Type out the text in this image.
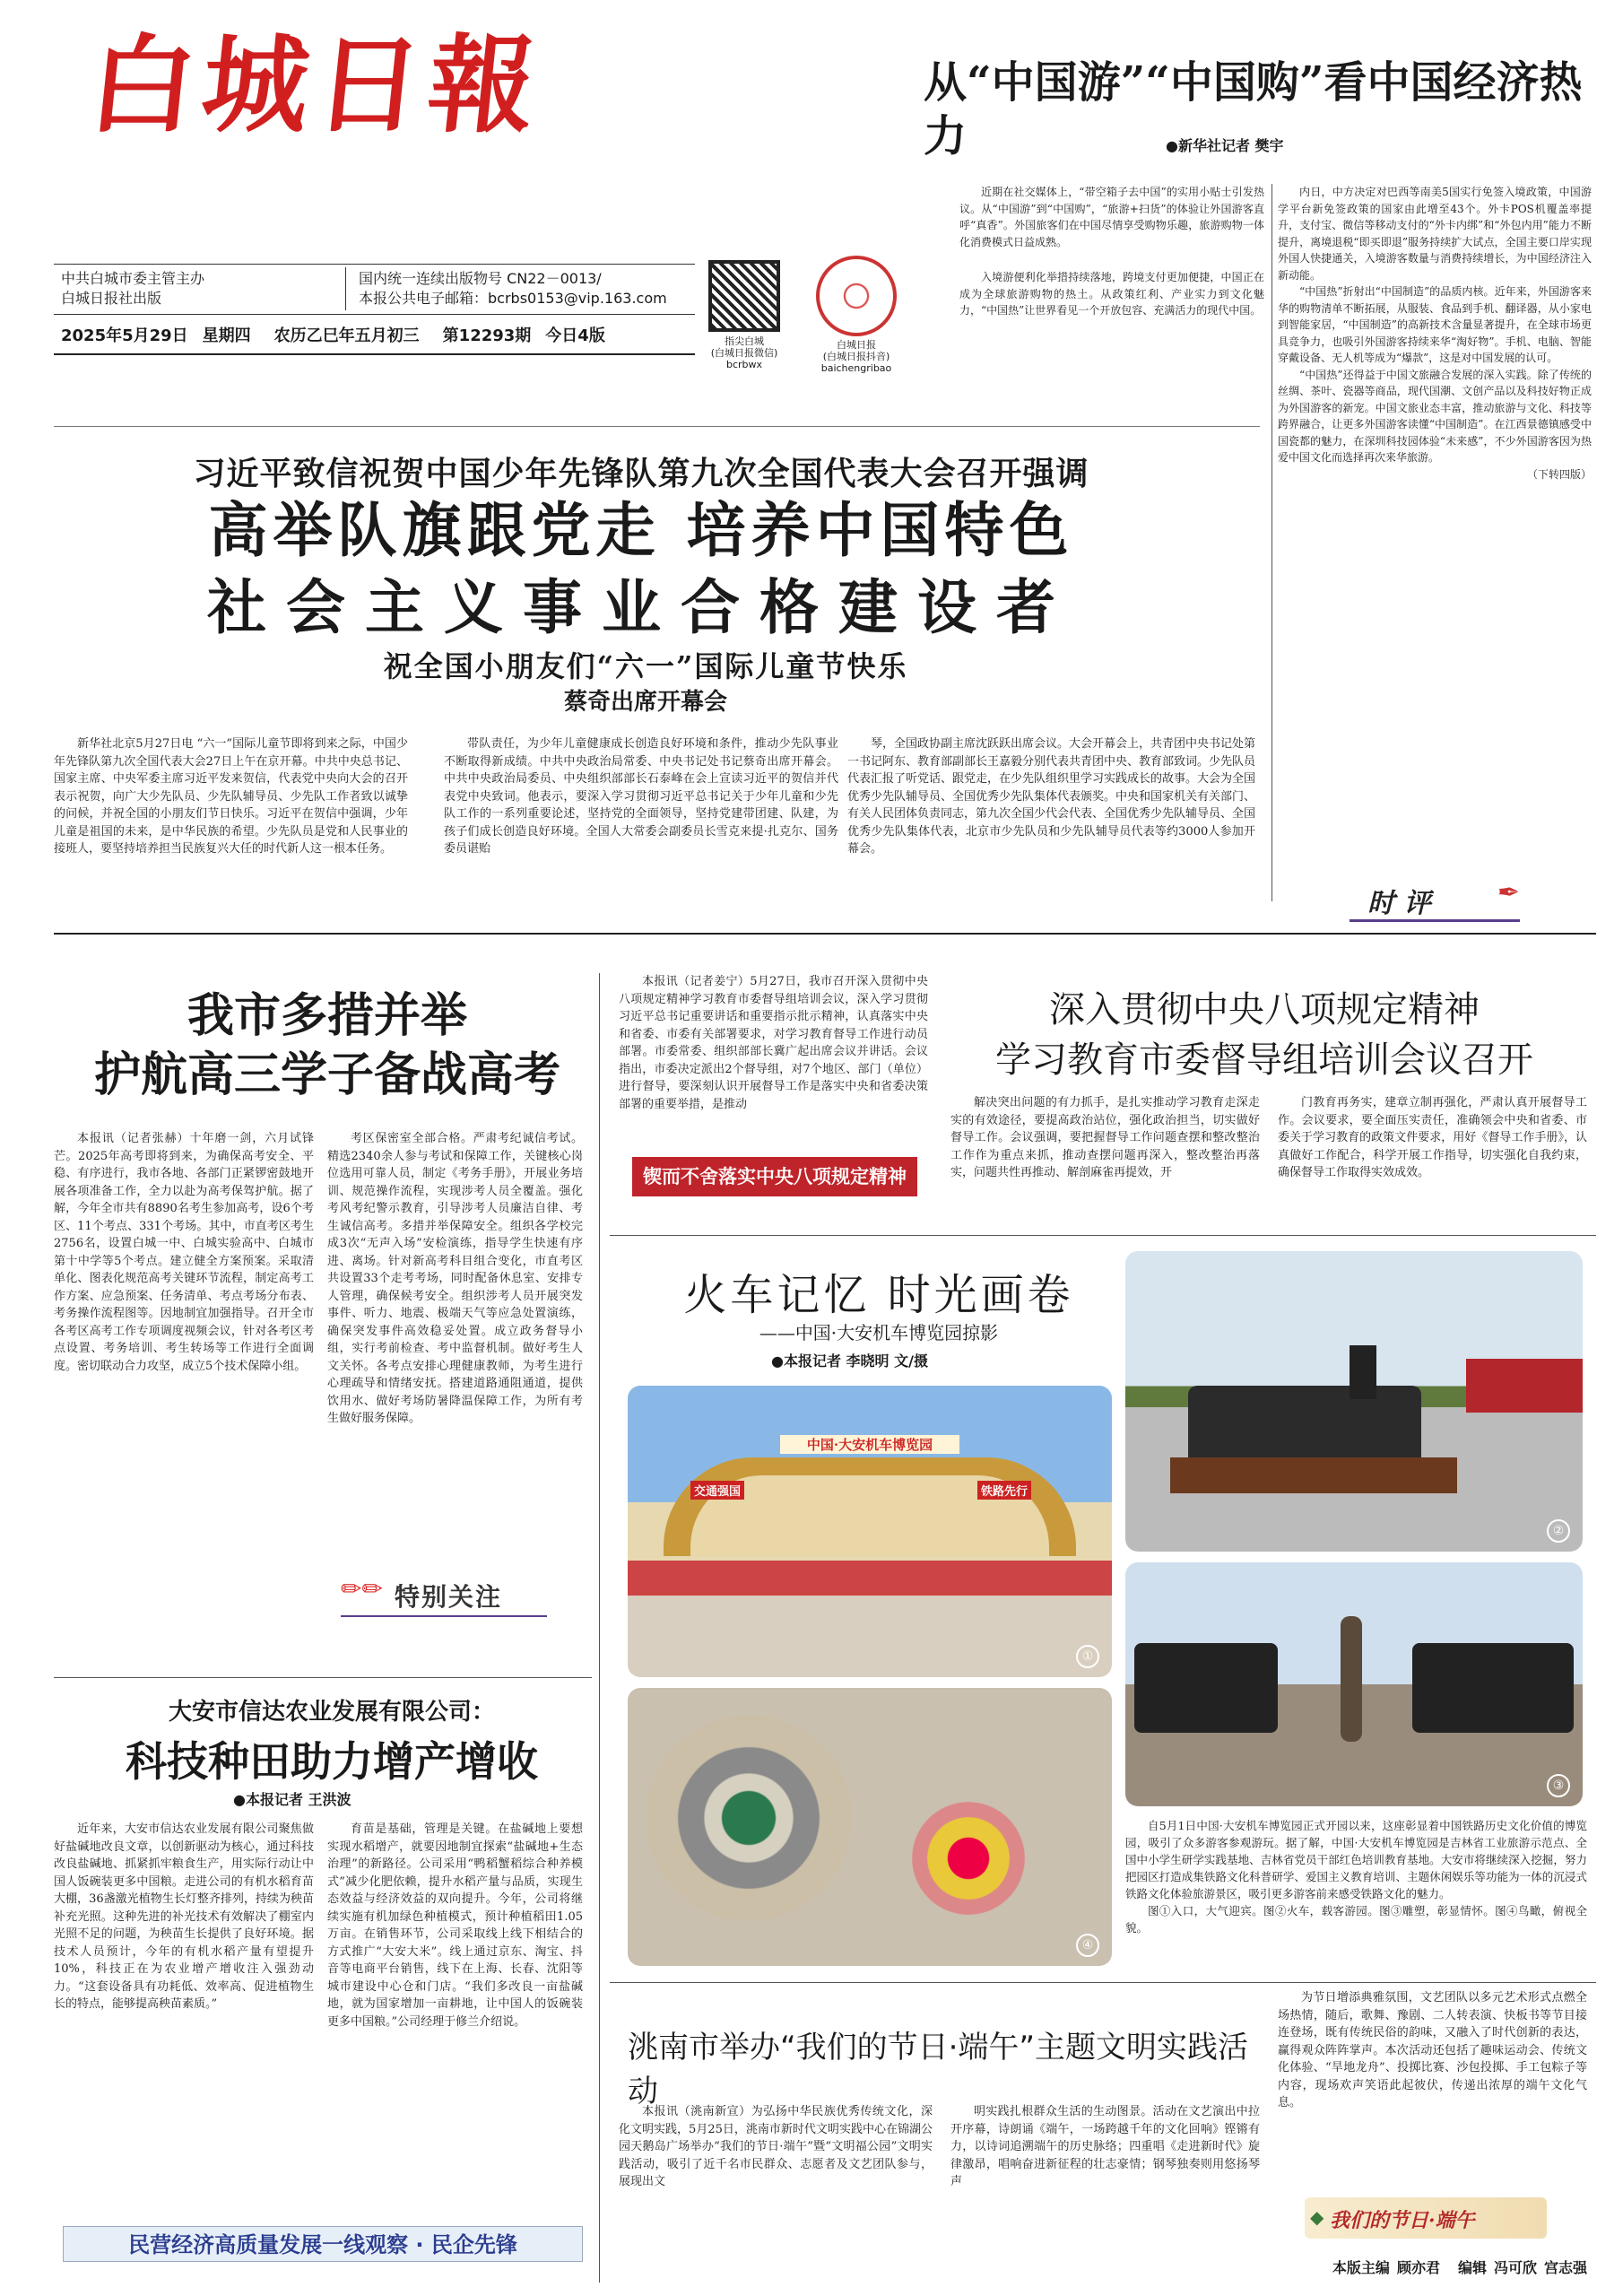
白城日報
中共白城市委主管主办
白城日报社出版
国内统一连续出版物号 CN22－0013/
本报公共电子邮箱：bcrbs0153@vip.163.com
2025年5月29日 星期四 农历乙巳年五月初三 第12293期 今日4版	指尖白城
(白城日报微信)
bcrbwx
白城日报
(白城日报抖音)
baichengribao
从“中国游”“中国购”看中国经济热力	●新华社记者 樊宇

近期在社交媒体上，“带空箱子去中国”的实用小贴士引发热议。从“中国游”到“中国购”，“旅游+扫货”的体验让外国游客直呼“真香”。外国旅客们在中国尽情享受购物乐趣，旅游购物一体化消费模式日益成熟。

入境游便利化举措持续落地，跨境支付更加便捷，中国正在成为全球旅游购物的热土。从政策红利、产业实力到文化魅力，“中国热”让世界看见一个开放包容、充满活力的现代中国。

内日，中方决定对巴西等南美5国实行免签入境政策，中国游学平台新免签政策的国家由此增至43个。外卡POS机覆盖率提升，支付宝、微信等移动支付的“外卡内绑”和“外包内用”能力不断提升，离境退税“即买即退”服务持续扩大试点，全国主要口岸实现外国人快捷通关，入境游客数量与消费持续增长，为中国经济注入新动能。

“中国热”折射出“中国制造”的品质内核。近年来，外国游客来华的购物清单不断拓展，从服装、食品到手机、翻译器，从小家电到智能家居，“中国制造”的高新技术含量显著提升，在全球市场更具竞争力，也吸引外国游客持续来华“淘好物”。手机、电脑、智能穿戴设备、无人机等成为“爆款”，这是对中国发展的认可。

“中国热”还得益于中国文旅融合发展的深入实践。除了传统的丝绸、茶叶、瓷器等商品，现代国潮、文创产品以及科技好物正成为外国游客的新宠。中国文旅业态丰富，推动旅游与文化、科技等跨界融合，让更多外国游客读懂“中国制造”。在江西景德镇感受中国瓷都的魅力，在深圳科技园体验“未来感”，不少外国游客因为热爱中国文化而选择再次来华旅游。

（下转四版）
时 评 ✒
习近平致信祝贺中国少年先锋队第九次全国代表大会召开强调
高举队旗跟党走 培养中国特色
社会主义事业合格建设者
祝全国小朋友们“六一”国际儿童节快乐
蔡奇出席开幕会

新华社北京5月27日电 “六一”国际儿童节即将到来之际，中国少年先锋队第九次全国代表大会27日上午在京开幕。中共中央总书记、国家主席、中央军委主席习近平发来贺信，代表党中央向大会的召开表示祝贺，向广大少先队员、少先队辅导员、少先队工作者致以诚挚的问候，并祝全国的小朋友们节日快乐。习近平在贺信中强调，少年儿童是祖国的未来，是中华民族的希望。少先队员是党和人民事业的接班人，要坚持培养担当民族复兴大任的时代新人这一根本任务。

带队责任，为少年儿童健康成长创造良好环境和条件，推动少先队事业不断取得新成绩。中共中央政治局常委、中央书记处书记蔡奇出席开幕会。中共中央政治局委员、中央组织部部长石泰峰在会上宣读习近平的贺信并代表党中央致词。他表示，要深入学习贯彻习近平总书记关于少年儿童和少先队工作的一系列重要论述，坚持党的全面领导，坚持党建带团建、队建，为孩子们成长创造良好环境。全国人大常委会副委员长雪克来提·扎克尔、国务委员谌贻

琴，全国政协副主席沈跃跃出席会议。大会开幕会上，共青团中央书记处第一书记阿东、教育部副部长王嘉毅分别代表共青团中央、教育部致词。少先队员代表汇报了听党话、跟党走，在少先队组织里学习实践成长的故事。大会为全国优秀少先队辅导员、全国优秀少先队集体代表颁奖。中央和国家机关有关部门、有关人民团体负责同志，第九次全国少代会代表、全国优秀少先队辅导员、全国优秀少先队集体代表，北京市少先队员和少先队辅导员代表等约3000人参加开幕会。

我市多措并举
护航高三学子备战高考

本报讯（记者张赫）十年磨一剑，六月试锋芒。2025年高考即将到来，为确保高考安全、平稳、有序进行，我市各地、各部门正紧锣密鼓地开展各项准备工作，全力以赴为高考保驾护航。据了解，今年全市共有8890名考生参加高考，设6个考区、11个考点、331个考场。其中，市直考区考生2756名，设置白城一中、白城实验高中、白城市第十中学等5个考点。建立健全方案预案。采取清单化、图表化规范高考关键环节流程，制定高考工作方案、应急预案、任务清单、考点考场分布表、考务操作流程图等。因地制宜加强指导。召开全市各考区高考工作专项调度视频会议，针对各考区考点设置、考务培训、考生转场等工作进行全面调度。密切联动合力攻坚，成立5个技术保障小组。

考区保密室全部合格。严肃考纪诚信考试。精选2340余人参与考试和保障工作，关键核心岗位选用可靠人员，制定《考务手册》，开展业务培训、规范操作流程，实现涉考人员全覆盖。强化考风考纪警示教育，引导涉考人员廉洁自律、考生诚信高考。多措并举保障安全。组织各学校完成3次“无声入场”安检演练，指导学生快速有序进、离场。针对新高考科目组合变化，市直考区共设置33个走考考场，同时配备休息室、安排专人管理，确保候考安全。组织涉考人员开展突发事件、听力、地震、极端天气等应急处置演练，确保突发事件高效稳妥处置。成立政务督导小组，实行考前检查、考中监督机制。做好考生人文关怀。各考点安排心理健康教师，为考生进行心理疏导和情绪安抚。搭建道路通阻通道，提供饮用水、做好考场防暑降温保障工作，为所有考生做好服务保障。

✏✏ 特别关注
大安市信达农业发展有限公司：
科技种田助力增产增收
●本报记者 王洪波

近年来，大安市信达农业发展有限公司聚焦做好盐碱地改良文章，以创新驱动为核心，通过科技改良盐碱地、抓紧抓牢粮食生产，用实际行动让中国人饭碗装更多中国粮。走进公司的有机水稻育苗大棚，36盏激光植物生长灯整齐排列，持续为秧苗补充光照。这种先进的补光技术有效解决了棚室内光照不足的问题，为秧苗生长提供了良好环境。据技术人员预计，今年的有机水稻产量有望提升10%，科技正在为农业增产增收注入强劲动力。“这套设备具有功耗低、效率高、促进植物生长的特点，能够提高秧苗素质。”

育苗是基础，管理是关键。在盐碱地上要想实现水稻增产，就要因地制宜探索“盐碱地+生态治理”的新路径。公司采用“鸭稻蟹稻综合种养模式”减少化肥依赖，提升水稻产量与品质，实现生态效益与经济效益的双向提升。今年，公司将继续实施有机加绿色种植模式，预计种植稻田1.05万亩。在销售环节，公司采取线上线下相结合的方式推广“大安大米”。线上通过京东、淘宝、抖音等电商平台销售，线下在上海、长春、沈阳等城市建设中心仓和门店。“我们多改良一亩盐碱地，就为国家增加一亩耕地，让中国人的饭碗装更多中国粮。”公司经理于修兰介绍说。

民营经济高质量发展一线观察 · 民企先锋

本报讯（记者姜宁）5月27日，我市召开深入贯彻中央八项规定精神学习教育市委督导组培训会议，深入学习贯彻习近平总书记重要讲话和重要指示批示精神，认真落实中央和省委、市委有关部署要求，对学习教育督导工作进行动员部署。市委常委、组织部部长冀广起出席会议并讲话。会议指出，市委决定派出2个督导组，对7个地区、部门（单位）进行督导，要深刻认识开展督导工作是落实中央和省委决策部署的重要举措，是推动

锲而不舍落实中央八项规定精神
深入贯彻中央八项规定精神
学习教育市委督导组培训会议召开

解决突出问题的有力抓手，是扎实推动学习教育走深走实的有效途径，要提高政治站位，强化政治担当，切实做好督导工作。会议强调，要把握督导工作问题查摆和整改整治工作作为重点来抓，推动查摆问题再深入，整改整治再落实，问题共性再推动、解剖麻雀再提效，开

门教育再务实，建章立制再强化，严肃认真开展督导工作。会议要求，要全面压实责任，准确领会中央和省委、市委关于学习教育的政策文件要求，用好《督导工作手册》，认真做好工作配合，科学开展工作指导，切实强化自我约束，确保督导工作取得实效成效。

火车记忆 时光画卷
——中国·大安机车博览园掠影
●本报记者 李晓明 文/摄
中国·大安机车博览园
交通强国	铁路先行
①
②
③
④

自5月1日中国·大安机车博览园正式开园以来，这座彰显着中国铁路历史文化价值的博览园，吸引了众多游客参观游玩。据了解，中国·大安机车博览园是吉林省工业旅游示范点、全国中小学生研学实践基地、吉林省党员干部红色培训教育基地。大安市将继续深入挖掘，努力把园区打造成集铁路文化科普研学、爱国主义教育培训、主题休闲娱乐等功能为一体的沉浸式铁路文化体验旅游景区，吸引更多游客前来感受铁路文化的魅力。

图①入口，大气迎宾。图②火车，载客游园。图③雕塑，彰显情怀。图④鸟瞰，俯视全貌。

洮南市举办“我们的节日·端午”主题文明实践活动

本报讯（洮南新宣）为弘扬中华民族优秀传统文化，深化文明实践，5月25日，洮南市新时代文明实践中心在锦湖公园天鹅岛广场举办“我们的节日·端午”暨“文明福公园”文明实践活动，吸引了近千名市民群众、志愿者及文艺团队参与，展现出文

明实践扎根群众生活的生动图景。活动在文艺演出中拉开序幕，诗朗诵《端午，一场跨越千年的文化回响》铿锵有力，以诗词追溯端午的历史脉络；四重唱《走进新时代》旋律激昂，唱响奋进新征程的壮志豪情；钢琴独奏则用悠扬琴声

为节日增添典雅氛围，文艺团队以多元艺术形式点燃全场热情，随后，歌舞、豫剧、二人转表演、快板书等节目接连登场，既有传统民俗的韵味，又融入了时代创新的表达，赢得观众阵阵掌声。本次活动还包括了趣味运动会、传统文化体验、“旱地龙舟”、投掷比赛、沙包投掷、手工包粽子等内容，现场欢声笑语此起彼伏，传递出浓厚的端午文化气息。

我们的节日·端午
◆
本版主编 顾亦君 编辑 冯可欣 宫志强
